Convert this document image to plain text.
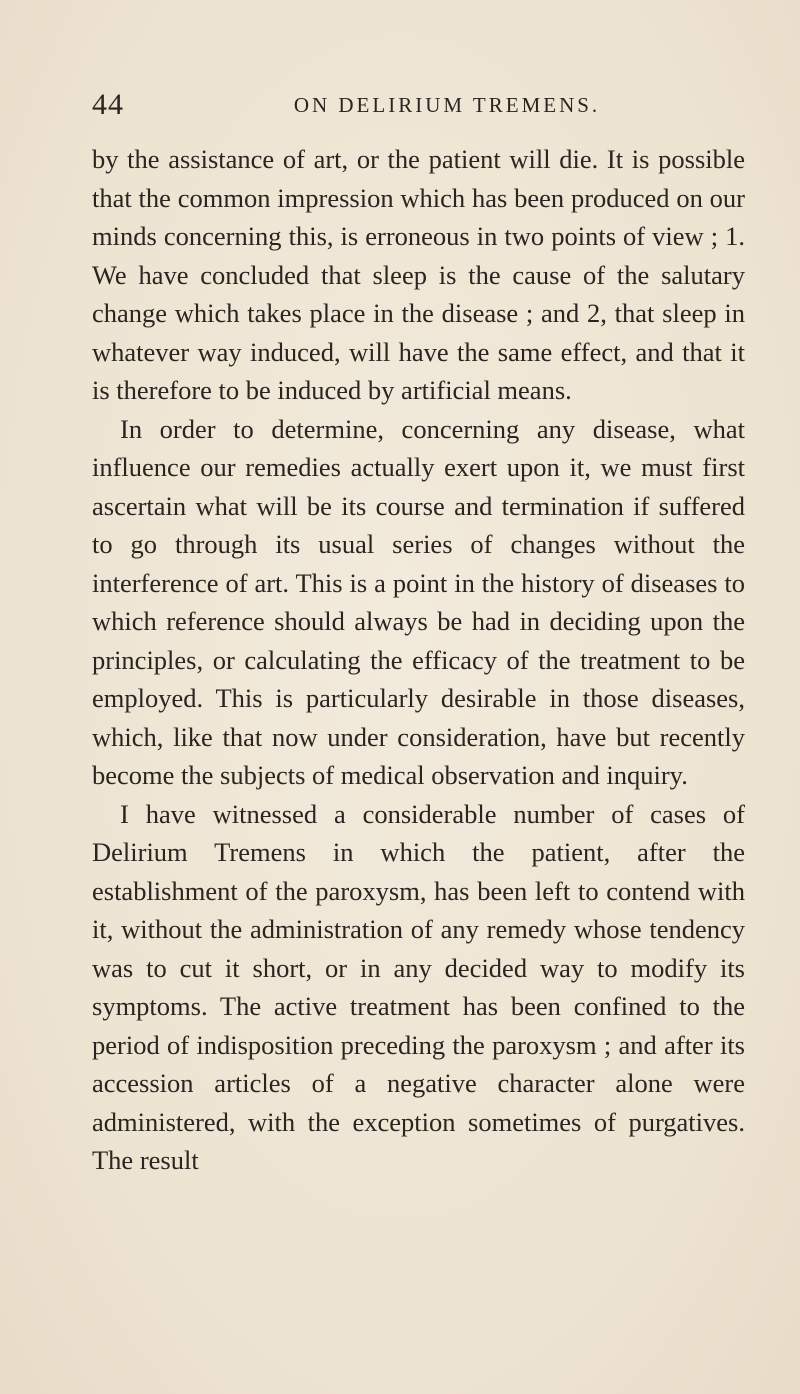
44	ON DELIRIUM TREMENS.

by the assistance of art, or the patient will die. It is possible that the common impression which has been produced on our minds concerning this, is erroneous in two points of view ; 1. We have concluded that sleep is the cause of the salutary change which takes place in the disease ; and 2, that sleep in whatever way induced, will have the same effect, and that it is therefore to be induced by artificial means.

In order to determine, concerning any disease, what influence our remedies actually exert upon it, we must first ascertain what will be its course and termination if suffered to go through its usual series of changes without the interference of art. This is a point in the history of diseases to which reference should always be had in deciding upon the principles, or calculating the efficacy of the treatment to be employed. This is particularly desirable in those diseases, which, like that now under consideration, have but recently become the subjects of medical observation and inquiry.

I have witnessed a considerable number of cases of Delirium Tremens in which the patient, after the establishment of the paroxysm, has been left to contend with it, without the administration of any remedy whose tendency was to cut it short, or in any decided way to modify its symptoms. The active treatment has been confined to the period of indisposition preceding the paroxysm ; and after its accession articles of a negative character alone were administered, with the exception sometimes of purgatives. The result
